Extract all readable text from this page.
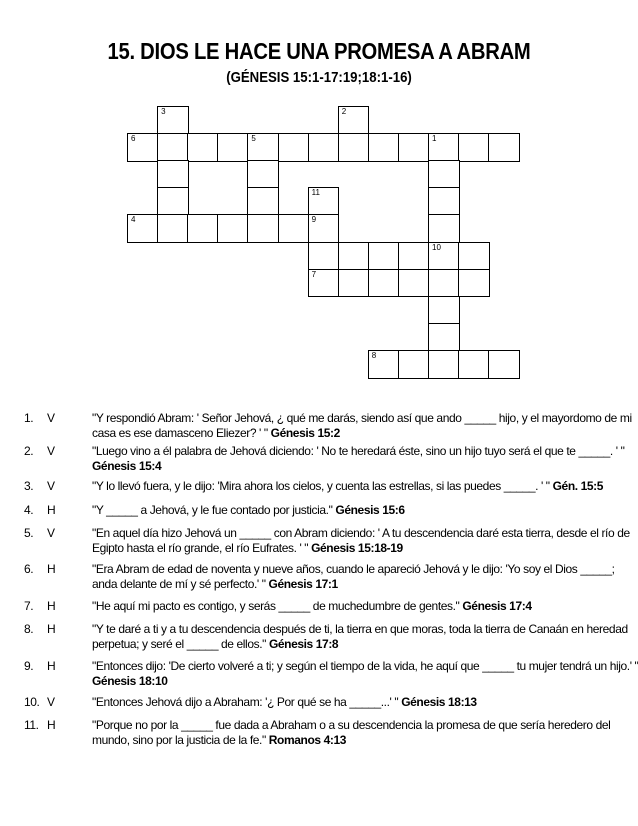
15. DIOS LE HACE UNA PROMESA A ABRAM
(GÉNESIS 15:1-17:19;18:1-16)
3	2
6	5	1
11
4	9
10
7
8
1. V	"Y respondió Abram: ' Señor Jehová, ¿ qué me darás, siendo así que ando _____ hijo, y el mayordomo de mi casa es ese damasceno Eliezer? ' " Génesis 15:2
2. V	"Luego vino a él palabra de Jehová diciendo: ' No te heredará éste, sino un hijo tuyo será el que te _____. ' " Génesis 15:4
3. V	"Y lo llevó fuera, y le dijo: 'Mira ahora los cielos, y cuenta las estrellas, si las puedes _____. ' " Gén. 15:5
4. H	"Y _____ a Jehová, y le fue contado por justicia." Génesis 15:6
5. V	"En aquel día hizo Jehová un _____ con Abram diciendo: ' A tu descendencia daré esta tierra, desde el río de Egipto hasta el río grande, el río Eufrates. ' " Génesis 15:18-19
6. H	"Era Abram de edad de noventa y nueve años, cuando le apareció Jehová y le dijo: 'Yo soy el Dios _____; anda delante de mí y sé perfecto.' " Génesis 17:1
7. H	"He aquí mi pacto es contigo, y serás _____ de muchedumbre de gentes." Génesis 17:4
8. H	"Y te daré a ti y a tu descendencia después de ti, la tierra en que moras, toda la tierra de Canaán en heredad perpetua; y seré el _____ de ellos." Génesis 17:8
9. H	"Entonces dijo: 'De cierto volveré a ti; y según el tiempo de la vida, he aquí que _____ tu mujer tendrá un hijo.' " Génesis 18:10
10. V	"Entonces Jehová dijo a Abraham: '¿ Por qué se ha _____...' " Génesis 18:13
11. H	"Porque no por la _____ fue dada a Abraham o a su descendencia la promesa de que sería heredero del mundo, sino por la justicia de la fe." Romanos 4:13
